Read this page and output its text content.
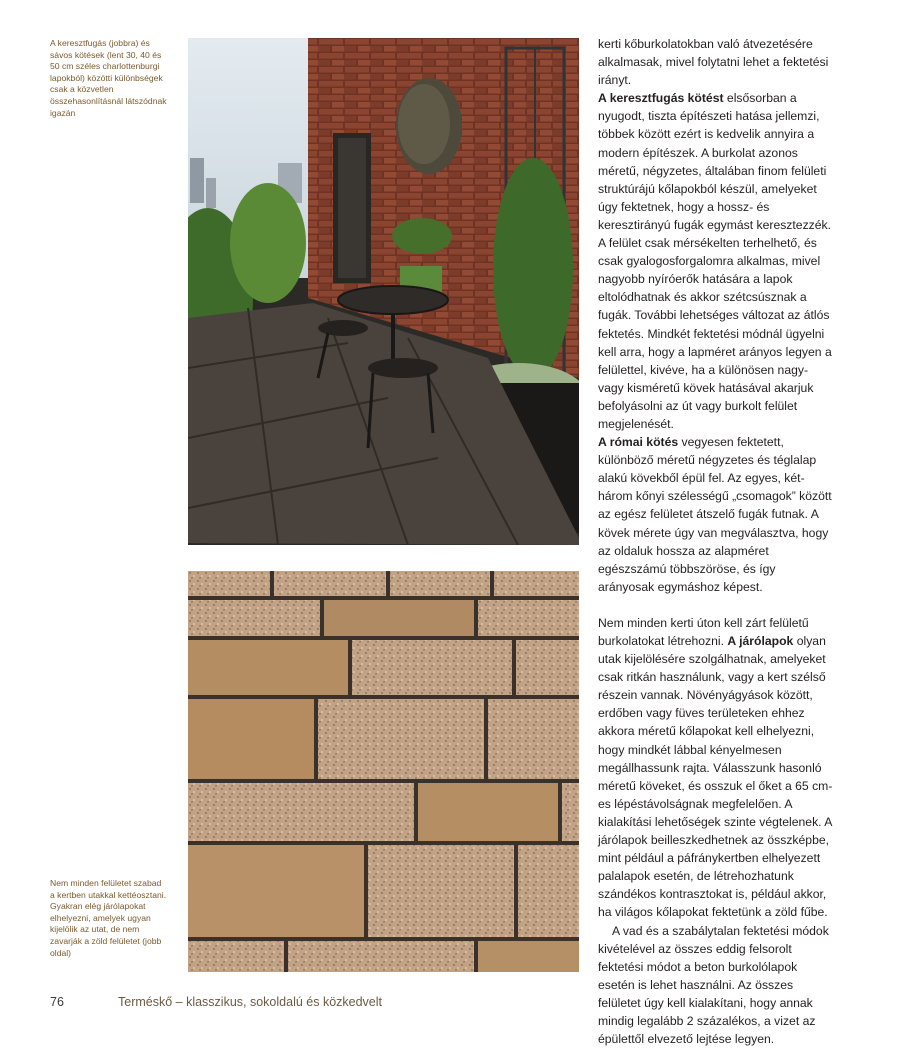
A keresztfugás (jobbra) és sávos kötések (lent 30, 40 és 50 cm széles charlottenburgi lapokból) közötti különbségek csak a közvetlen összehasonlításnál látszódnak igazán

kerti kőburkolatokban való átvezetésére alkalmasak, mivel folytatni lehet a fektetési irányt.

A keresztfugás kötést elsősorban a nyugodt, tiszta építészeti hatása jellemzi, többek között ezért is kedvelik annyira a modern építészek. A burkolat azonos méretű, négyzetes, általában finom felületi struktúrájú kőlapokból készül, amelyeket úgy fektetnek, hogy a hossz- és keresztirányú fugák egymást keresztezzék. A felület csak mérsékelten terhelhető, és csak gyalogosforgalomra alkalmas, mivel nagyobb nyíróerők hatására a lapok eltolódhatnak és akkor szétcsúsznak a fugák. További lehetséges változat az átlós fektetés. Mindkét fektetési módnál ügyelni kell arra, hogy a lapméret arányos legyen a felülettel, kivéve, ha a különösen nagy- vagy kisméretű kövek hatásával akarjuk befolyásolni az út vagy burkolt felület megjelenését.

A római kötés vegyesen fektetett, különböző méretű négyzetes és téglalap alakú kövekből épül fel. Az egyes, két-három kőnyi szélességű „csomagok” között az egész felületet átszelő fugák futnak. A kövek mérete úgy van megválasztva, hogy az oldaluk hossza az alapméret egészszámú többszöröse, és így arányosak egymáshoz képest.

Nem minden kerti úton kell zárt felületű burkolatokat létrehozni. A járólapok olyan utak kijelölésére szolgálhatnak, amelyeket csak ritkán használunk, vagy a kert szélső részein vannak. Növényágyások között, erdőben vagy füves területeken ehhez akkora méretű kőlapokat kell elhelyezni, hogy mindkét lábbal kényelmesen megállhassunk rajta. Válasszunk hasonló méretű köveket, és osszuk el őket a 65 cm-es lépéstávolságnak megfelelően. A kialakítási lehetőségek szinte végtelenek. A járólapok beilleszkedhetnek az összképbe, mint például a páfránykertben elhelyezett palalapok esetén, de létrehozhatunk szándékos kontrasztokat is, például akkor, ha világos kőlapokat fektetünk a zöld fűbe.

A vad és a szabálytalan fektetési módok kivételével az összes eddig felsorolt fektetési módot a beton burkolólapok esetén is lehet használni. Az összes felületet úgy kell kialakítani, hogy annak mindig legalább 2 százalékos, a vizet az épülettől elvezető lejtése legyen.

Nem minden felületet szabad a kertben utakkal kettéosztani. Gyakran elég járólapokat elhelyezni, amelyek ugyan kijelölik az utat, de nem zavarják a zöld felületet (jobb oldal)
76	Terméskő – klasszikus, sokoldalú és közkedvelt
